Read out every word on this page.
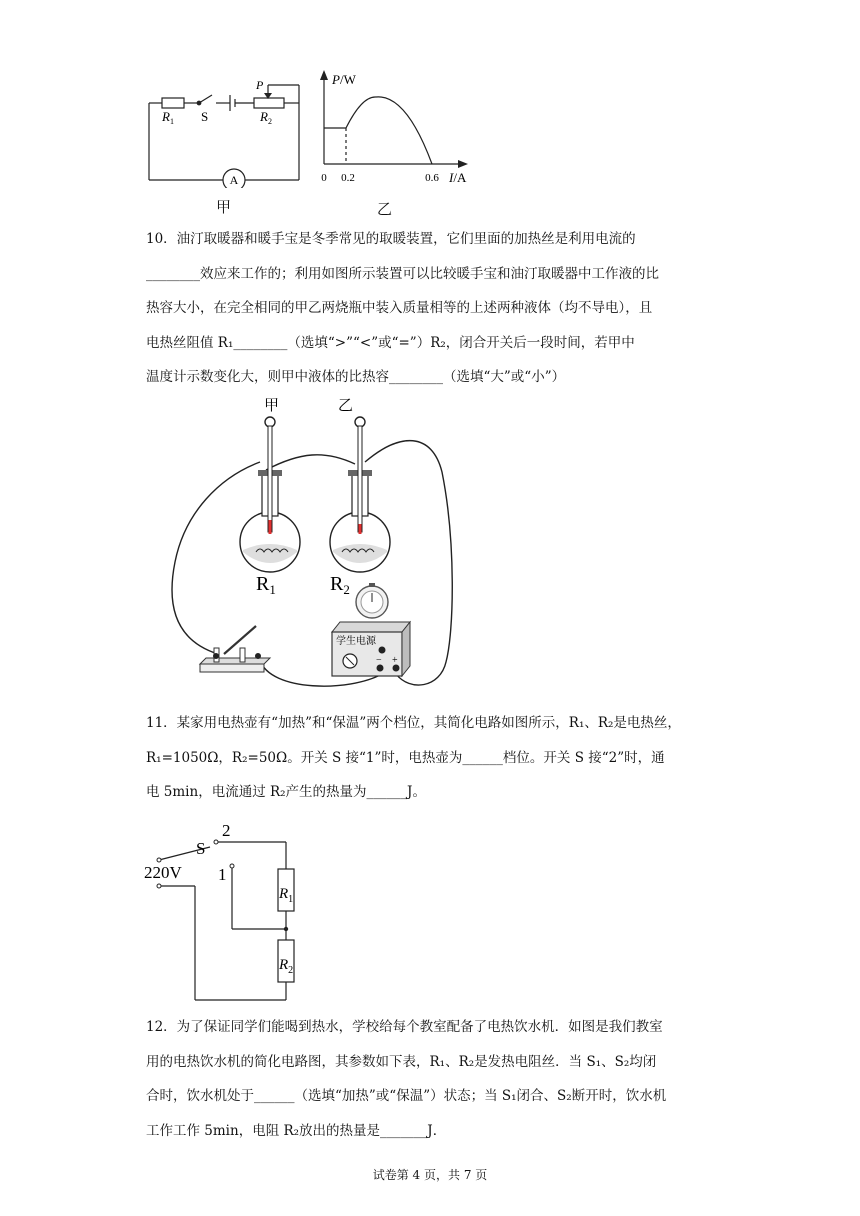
P
$R_1$ S	$R_2$
A
甲
P/W
I/A
0 0.2	0.6
乙
10．油汀取暖器和暖手宝是冬季常见的取暖装置，它们里面的加热丝是利用电流的
________效应来工作的；利用如图所示装置可以比较暖手宝和油汀取暖器中工作液的比
热容大小，在完全相同的甲乙两烧瓶中装入质量相等的上述两种液体（均不导电），且
电热丝阻值 R₁________（选填“>”“<”或“=”）R₂，闭合开关后一段时间，若甲中
温度计示数变化大，则甲中液体的比热容________（选填“大”或“小”）
甲	乙
$R_1$	$R_2$
学生电源
− +
11．某家用电热壶有“加热”和“保温”两个档位，其简化电路如图所示，R₁、R₂是电热丝，
R₁=1050Ω，R₂=50Ω。开关 S 接“1”时，电热壶为______档位。开关 S 接“2”时，通
电 5min，电流通过 R₂产生的热量为______J。
220V
S
2
1
$R_1$
$R_2$
12．为了保证同学们能喝到热水，学校给每个教室配备了电热饮水机．如图是我们教室
用的电热饮水机的简化电路图，其参数如下表，R₁、R₂是发热电阻丝．当 S₁、S₂均闭
合时，饮水机处于______（选填“加热”或“保温”）状态；当 S₁闭合、S₂断开时，饮水机
工作工作 5min，电阻 R₂放出的热量是_______J．
试卷第 4 页，共 7 页
